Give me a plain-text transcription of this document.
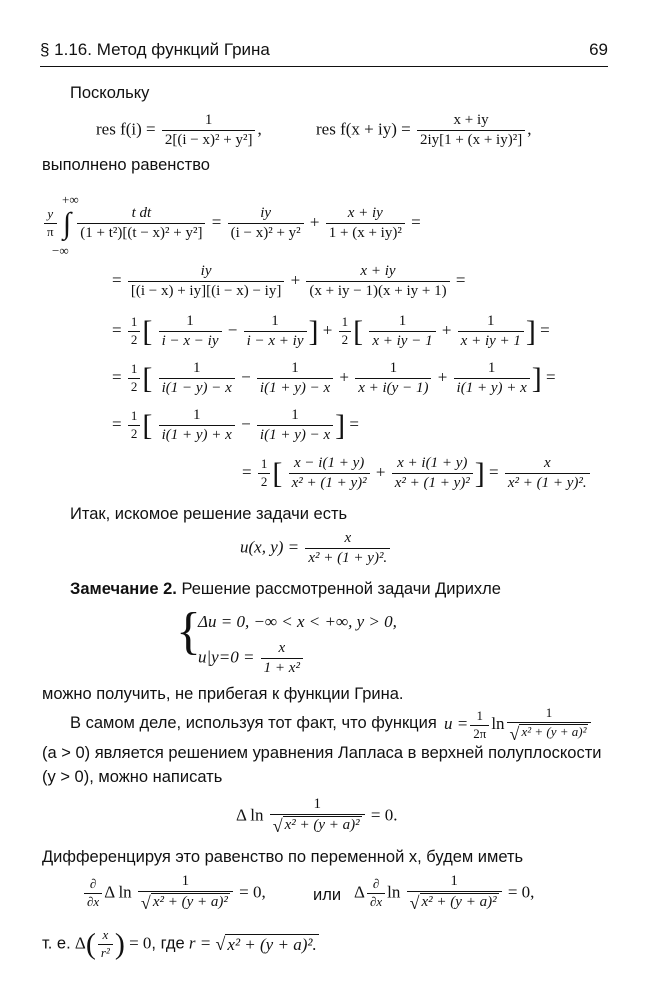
§ 1.16. Метод функций Грина	69
Поскольку
res $f(i) = \frac{1}{\text{2[(i − x)² + y²]}}$ ,	res $f(x + iy) = \frac{x + iy}{\text{2iy[1 + (x + iy)²]}}$ ,
выполнено равенство
+∞
−∞
$\frac{y}{\pi}$ ∫ $\frac{\text{t dt}}{\text{(1 + t²)[(t − x)² + y²]}} = \frac{iy}{\text{(i − x)² + y²}} + \frac{x + iy}{\text{1 + (x + iy)²}}$ =
= $\frac{iy}{[(i - x) + iy][(i - x) - iy]} + \frac{x + iy}{(x + iy - 1)(x + iy + 1)}$ =
= $\frac{1}{2}$ [ $\frac{1}{i - x - iy} - \frac{1}{i - x + iy}$ ] + $\frac{1}{2}$ [ $\frac{1}{x + iy - 1} + \frac{1}{x + iy + 1}$ ] =
= $\frac{1}{2}$ [ $\frac{1}{i(1 - y) - x} - \frac{1}{i(1 + y) - x} + \frac{1}{x + i(y - 1)} + \frac{1}{i(1 + y) + x}$ ] =
= $\frac{1}{2}$ [ $\frac{1}{i(1 + y) + x} - \frac{1}{i(1 + y) - x}$ ] =
= $\frac{1}{2}$ [ $\frac{x - i(1 + y)}{\text{x² + (1 + y)²}} + \frac{x + i(1 + y)}{\text{x² + (1 + y)²}}$ ] = $\frac{x}{\text{x² + (1 + y)².}}$
Итак, искомое решение задачи есть
u(x, $y) = \frac{x}{\text{x² + (1 + y)².}}$
Замечание 2. Решение рассмотренной задачи Дирихле
{
Δu = 0, −∞ < x < +∞, y > 0,
$u|y=0 = \frac{x}{\text{1 + x²}}$
можно получить, не прибегая к функции Грина.
В самом деле, используя тот факт, что функция $u = \frac{1}{2\pi}$ $\ln \frac{1}{\text{√ x² + (y + a)²}}$
(a > 0) является решением уравнения Лапласа в верхней полуплоскости
(y > 0), можно написать
Δ $\ln \frac{1}{\text{√ x² + (y + a)²}} = 0$.
Дифференцируя это равенство по переменной x, будем иметь
$\frac{\partial}{\partial x}$ Δ $\ln \frac{1}{\text{√ x² + (y + a)²}} = 0$,	или Δ $\frac{\partial}{\partial x}$ $\ln \frac{1}{\text{√ x² + (y + a)²}} = 0$,
т. е. $\Delta( \frac{x}{\text{r²}}$ ) = 0, где r = √ x² + (y + a)².
